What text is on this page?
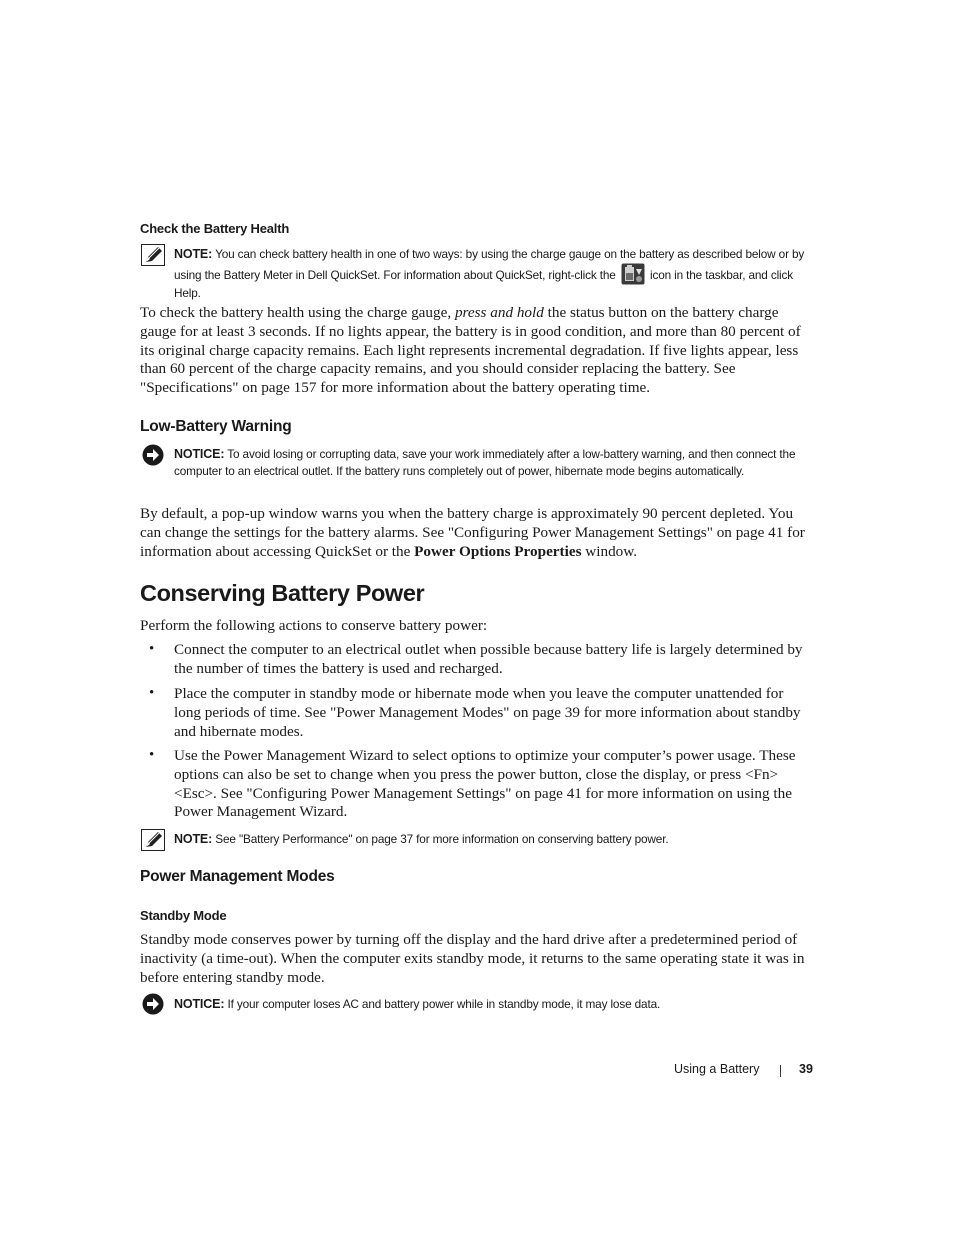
Check the Battery Health
NOTE: You can check battery health in one of two ways: by using the charge gauge on the battery as described below or by using the Battery Meter in Dell QuickSet. For information about QuickSet, right-click the	icon in the taskbar, and click Help.

To check the battery health using the charge gauge, press and hold the status button on the battery charge gauge for at least 3 seconds. If no lights appear, the battery is in good condition, and more than 80 percent of its original charge capacity remains. Each light represents incremental degradation. If five lights appear, less than 60 percent of the charge capacity remains, and you should consider replacing the battery. See "Specifications" on page 157 for more information about the battery operating time.

Low-Battery Warning
NOTICE: To avoid losing or corrupting data, save your work immediately after a low-battery warning, and then connect the computer to an electrical outlet. If the battery runs completely out of power, hibernate mode begins automatically.

By default, a pop-up window warns you when the battery charge is approximately 90 percent depleted. You can change the settings for the battery alarms. See "Configuring Power Management Settings" on page 41 for information about accessing QuickSet or the Power Options Properties window.

Conserving Battery Power

Perform the following actions to conserve battery power:

• Connect the computer to an electrical outlet when possible because battery life is largely determined by the number of times the battery is used and recharged.

• Place the computer in standby mode or hibernate mode when you leave the computer unattended for long periods of time. See "Power Management Modes" on page 39 for more information about standby and hibernate modes.

• Use the Power Management Wizard to select options to optimize your computer’s power usage. These options can also be set to change when you press the power button, close the display, or press <Fn><Esc>. See "Configuring Power Management Settings" on page 41 for more information on using the Power Management Wizard.

NOTE: See "Battery Performance" on page 37 for more information on conserving battery power.
Power Management Modes
Standby Mode

Standby mode conserves power by turning off the display and the hard drive after a predetermined period of inactivity (a time-out). When the computer exits standby mode, it returns to the same operating state it was in before entering standby mode.

NOTICE: If your computer loses AC and battery power while in standby mode, it may lose data.
Using a Battery	39
